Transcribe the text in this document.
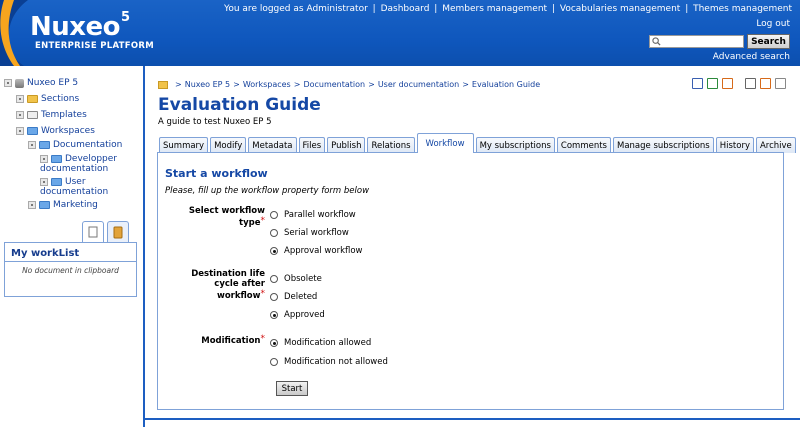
Nuxeo$^5$
ENTERPRISE PLATFORM
You are logged as Administrator | Dashboard | Members management | Vocabularies management | Themes management
Log out
Search
Advanced search
Nuxeo EP 5
Sections
Templates
Workspaces
Documentation
Developper
documentation
User
documentation
Marketing
My workList
No document in clipboard
> Nuxeo EP 5 > Workspaces > Documentation > User documentation > Evaluation Guide
Evaluation Guide
A guide to test Nuxeo EP 5
Summary	Modify	Metadata	Files	Publish	Relations	Workflow	My subscriptions	Comments	Manage subscriptions	History	Archive
Start a workflow
Please, fill up the workflow property form below
Select workflow
type*
Parallel workflow
Serial workflow
Approval workflow
Destination life
cycle after
workflow*
Obsolete
Deleted
Approved
Modification* Modification allowed
Modification not allowed
Start
